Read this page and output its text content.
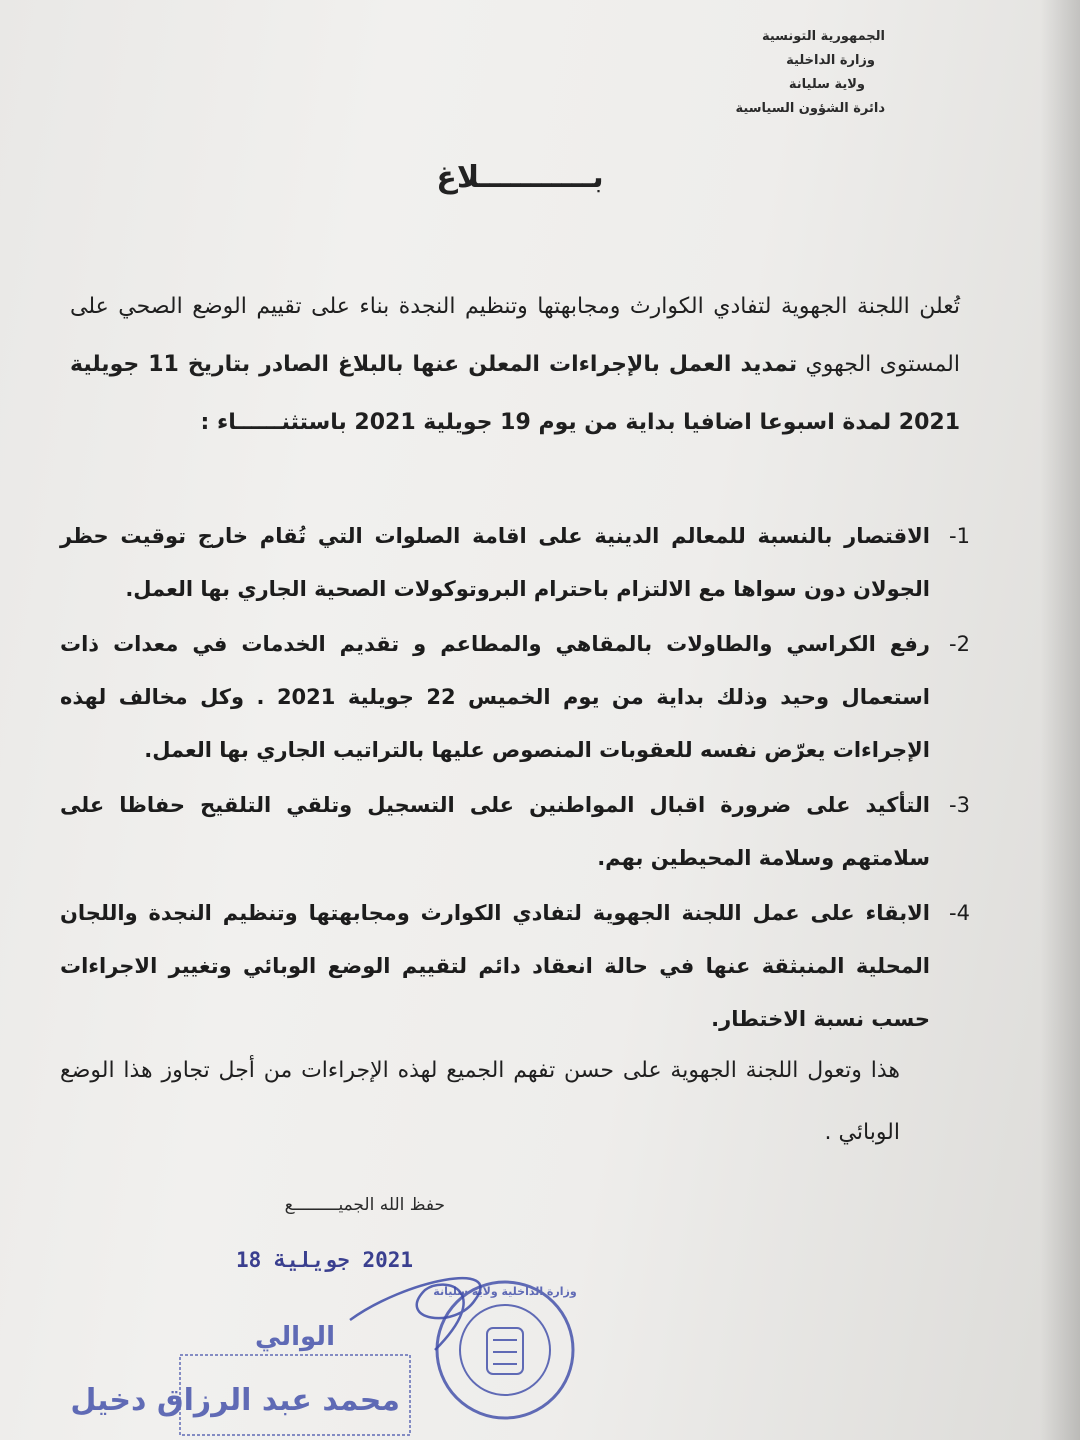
الجمهورية التونسية
وزارة الداخلية
ولاية سليانة
دائرة الشؤون السياسية
بـــــــــــلاغ
تُعلن اللجنة الجهوية لتفادي الكوارث ومجابهتها وتنظيم النجدة بناء على تقييم الوضع الصحي على المستوى الجهوي تمديد العمل بالإجراءات المعلن عنها بالبلاغ الصادر بتاريخ 11 جويلية 2021 لمدة اسبوعا اضافيا بداية من يوم 19 جويلية 2021 باستثنــــــاء :
1-
الاقتصار بالنسبة للمعالم الدينية على اقامة الصلوات التي تُقام خارج توقيت حظر الجولان دون سواها مع الالتزام باحترام البروتوكولات الصحية الجاري بها العمل.
2-
رفع الكراسي والطاولات بالمقاهي والمطاعم و تقديم الخدمات في معدات ذات استعمال وحيد وذلك بداية من يوم الخميس 22 جويلية 2021 . وكل مخالف لهذه الإجراءات يعرّض نفسه للعقوبات المنصوص عليها بالتراتيب الجاري بها العمل.
3-
التأكيد على ضرورة اقبال المواطنين على التسجيل وتلقي التلقيح حفاظا على سلامتهم وسلامة المحيطين بهم.
4-
الابقاء على عمل اللجنة الجهوية لتفادي الكوارث ومجابهتها وتنظيم النجدة واللجان المحلية المنبثقة عنها في حالة انعقاد دائم لتقييم الوضع الوبائي وتغيير الاجراءات حسب نسبة الاختطار.
هذا وتعول اللجنة الجهوية على حسن تفهم الجميع لهذه الإجراءات من أجل تجاوز هذا الوضع الوبائي .
حفظ الله الجميـــــــــع
2021 جويلية 18
الوالي
محمد عبد الرزاق دخيل
وزارة الداخلية ولاية سليانة
